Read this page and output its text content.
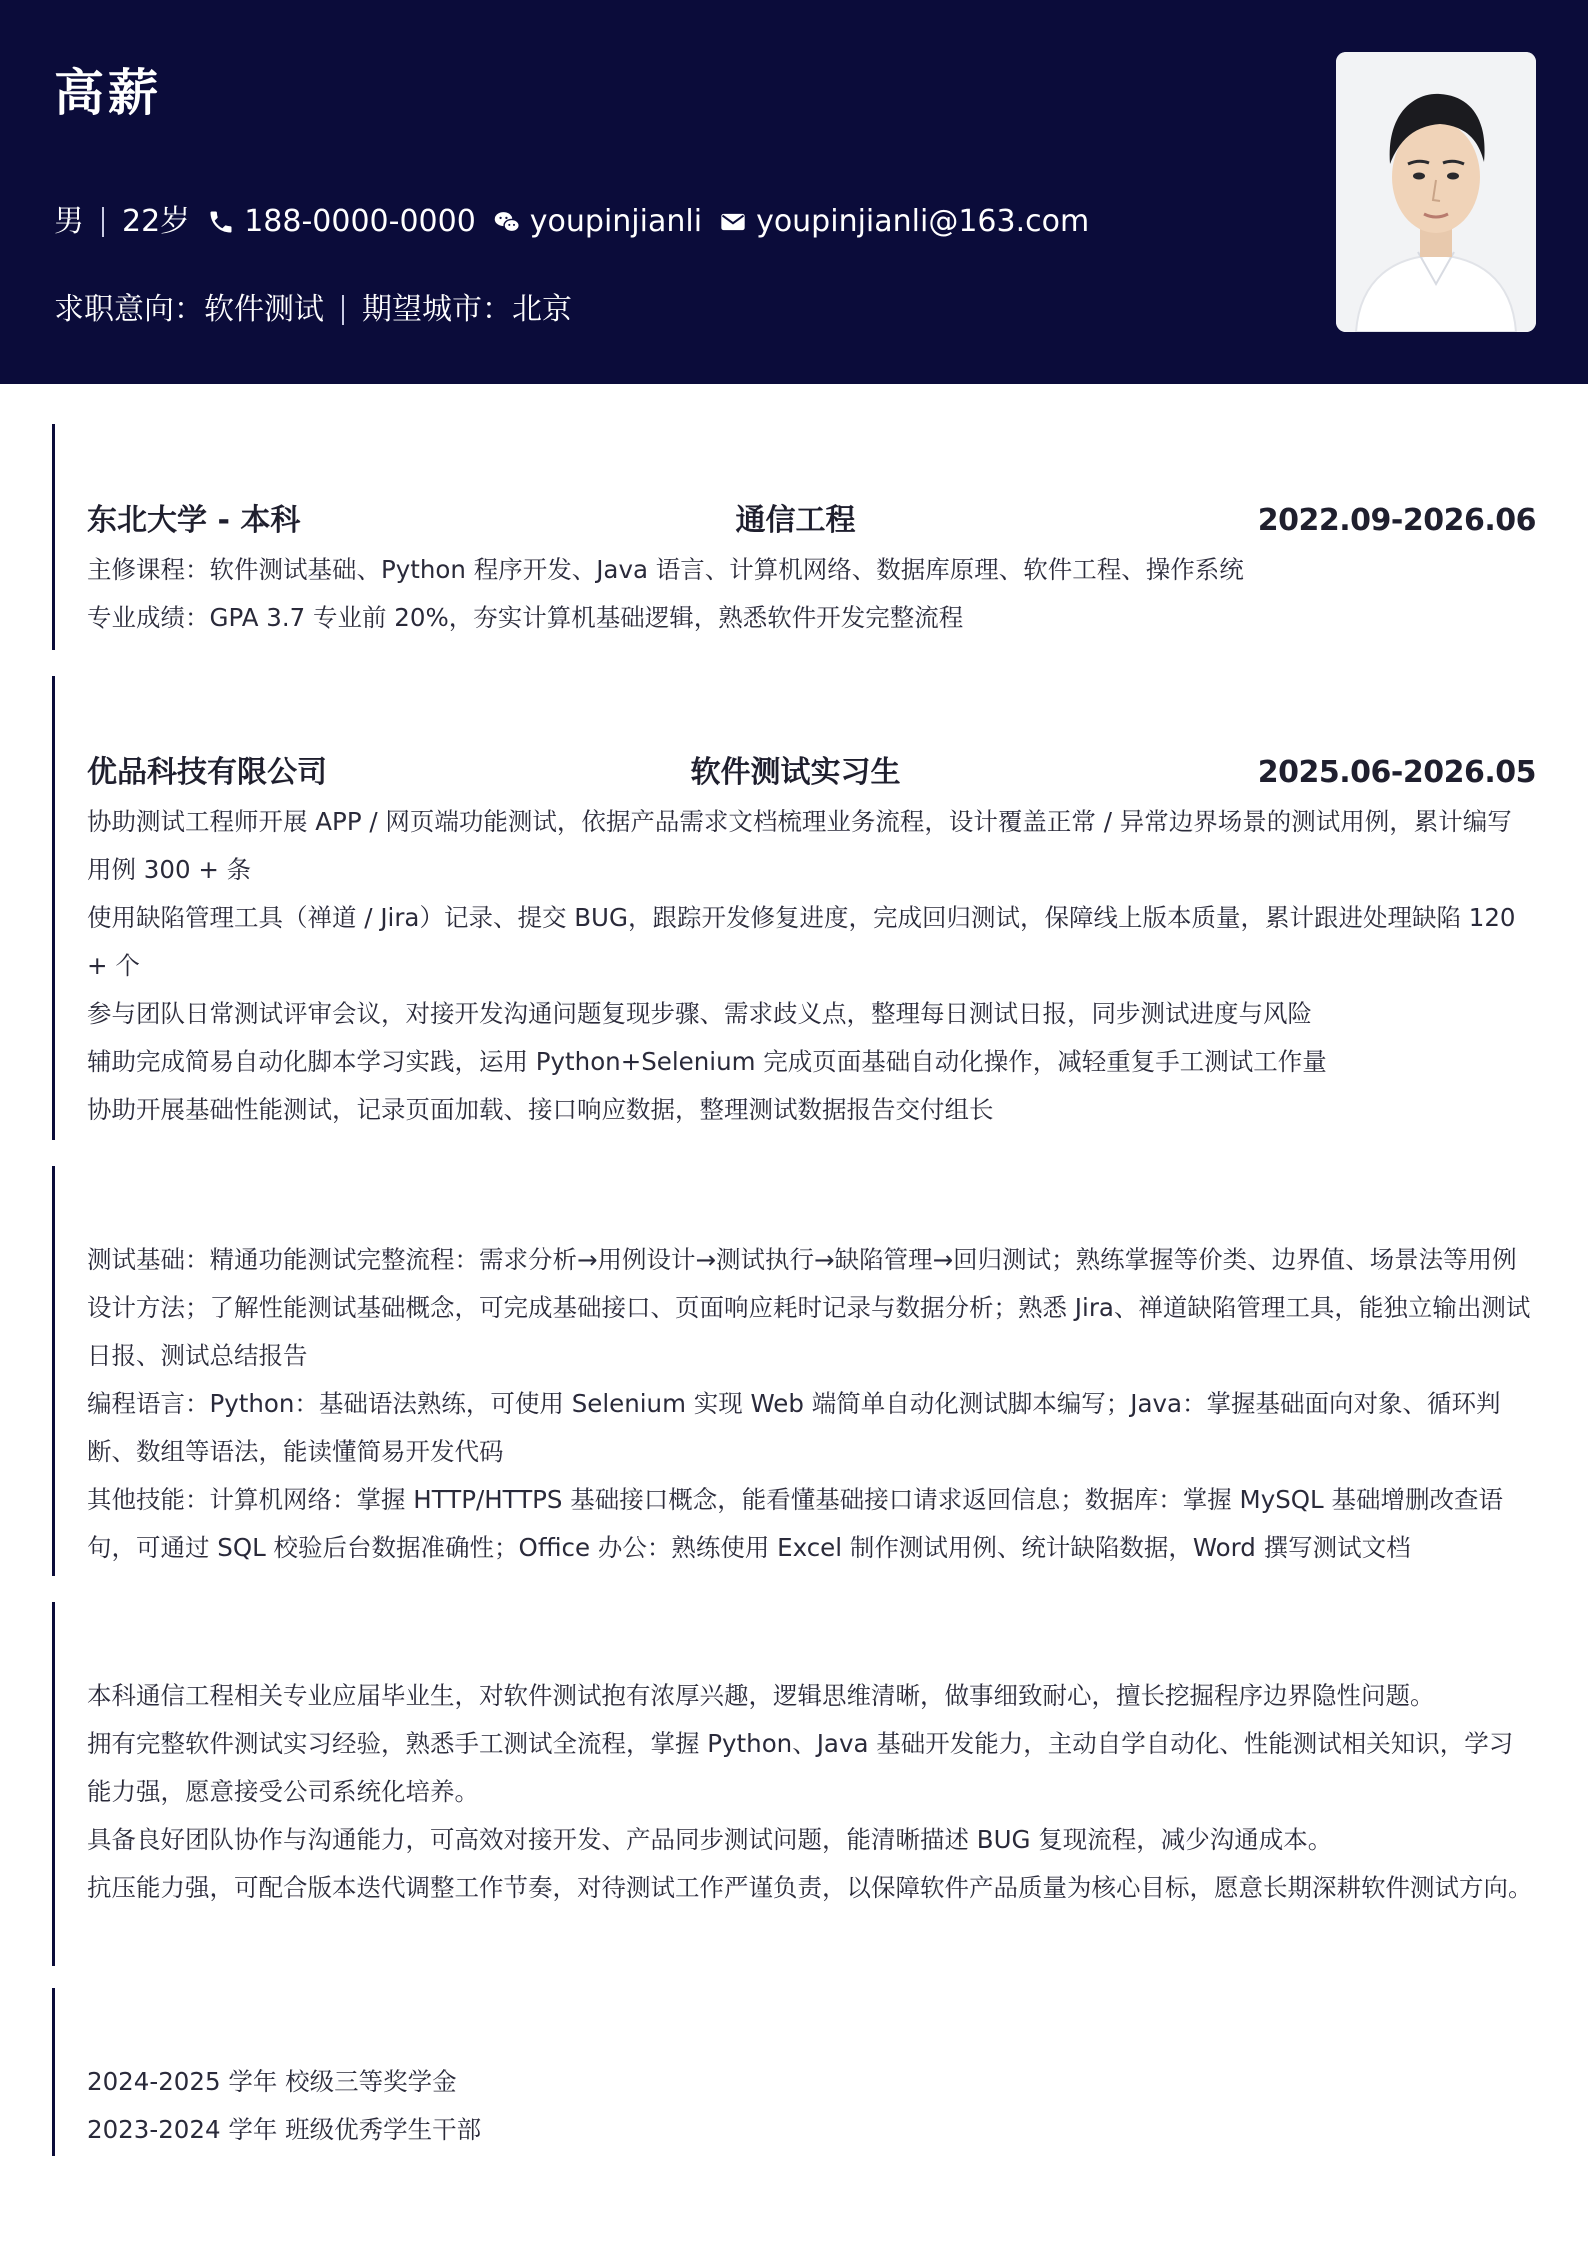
高薪
男 22岁 188-0000-0000 youpinjianli youpinjianli@163.com
求职意向：软件测试 期望城市：北京
教育背景
东北大学 - 本科	通信工程	2022.09-2026.06

主修课程：软件测试基础、Python 程序开发、Java 语言、计算机网络、数据库原理、软件工程、操作系统

专业成绩：GPA 3.7 专业前 20%，夯实计算机基础逻辑，熟悉软件开发完整流程

实习经历
优品科技有限公司	软件测试实习生	2025.06-2026.05

协助测试工程师开展 APP / 网页端功能测试，依据产品需求文档梳理业务流程，设计覆盖正常 / 异常边界场景的测试用例，累计编写用例 300 + 条

使用缺陷管理工具（禅道 / Jira）记录、提交 BUG，跟踪开发修复进度，完成回归测试，保障线上版本质量，累计跟进处理缺陷 120 + 个

参与团队日常测试评审会议，对接开发沟通问题复现步骤、需求歧义点，整理每日测试日报，同步测试进度与风险

辅助完成简易自动化脚本学习实践，运用 Python+Selenium 完成页面基础自动化操作，减轻重复手工测试工作量

协助开展基础性能测试，记录页面加载、接口响应数据，整理测试数据报告交付组长

专业技能

测试基础：精通功能测试完整流程：需求分析→用例设计→测试执行→缺陷管理→回归测试；熟练掌握等价类、边界值、场景法等用例设计方法；了解性能测试基础概念，可完成基础接口、页面响应耗时记录与数据分析；熟悉 Jira、禅道缺陷管理工具，能独立输出测试日报、测试总结报告

编程语言：Python：基础语法熟练，可使用 Selenium 实现 Web 端简单自动化测试脚本编写；Java：掌握基础面向对象、循环判断、数组等语法，能读懂简易开发代码

其他技能：计算机网络：掌握 HTTP/HTTPS 基础接口概念，能看懂基础接口请求返回信息；数据库：掌握 MySQL 基础增删改查语句，可通过 SQL 校验后台数据准确性；Office 办公：熟练使用 Excel 制作测试用例、统计缺陷数据，Word 撰写测试文档

自我评价

本科通信工程相关专业应届毕业生，对软件测试抱有浓厚兴趣，逻辑思维清晰，做事细致耐心，擅长挖掘程序边界隐性问题。

拥有完整软件测试实习经验，熟悉手工测试全流程，掌握 Python、Java 基础开发能力，主动自学自动化、性能测试相关知识，学习能力强，愿意接受公司系统化培养。

具备良好团队协作与沟通能力，可高效对接开发、产品同步测试问题，能清晰描述 BUG 复现流程，减少沟通成本。

抗压能力强，可配合版本迭代调整工作节奏，对待测试工作严谨负责，以保障软件产品质量为核心目标，愿意长期深耕软件测试方向。

获得荣誉

2024-2025 学年 校级三等奖学金

2023-2024 学年 班级优秀学生干部
